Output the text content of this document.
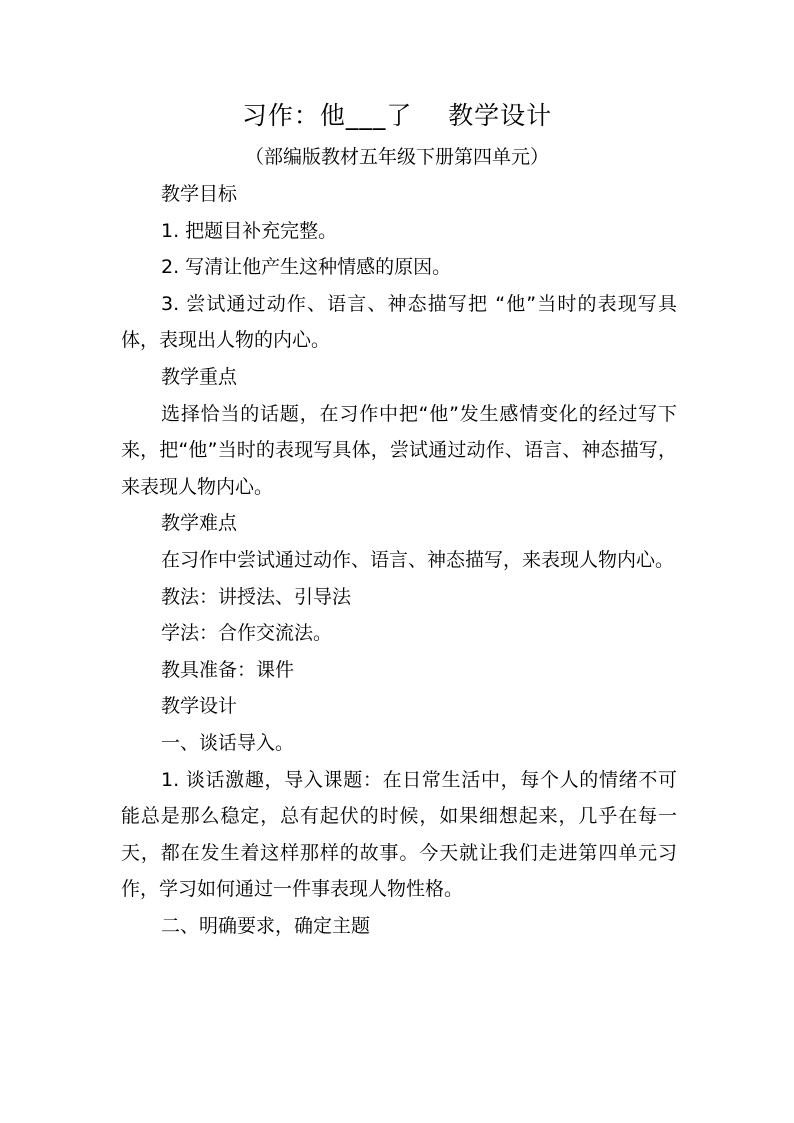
习作：他___了    教学设计
（部编版教材五年级下册第四单元）

教学目标

1. 把题目补充完整。

2. 写清让他产生这种情感的原因。

3. 尝试通过动作、语言、神态描写把 “他”当时的表现写具体，表现出人物的内心。

教学重点

选择恰当的话题，在习作中把“他”发生感情变化的经过写下来，把“他”当时的表现写具体，尝试通过动作、语言、神态描写，来表现人物内心。

教学难点

在习作中尝试通过动作、语言、神态描写，来表现人物内心。

教法：讲授法、引导法

学法：合作交流法。

教具准备：课件

教学设计

一、谈话导入。

1. 谈话激趣，导入课题：在日常生活中，每个人的情绪不可能总是那么稳定，总有起伏的时候，如果细想起来，几乎在每一天，都在发生着这样那样的故事。今天就让我们走进第四单元习作，学习如何通过一件事表现人物性格。

二、明确要求，确定主题
